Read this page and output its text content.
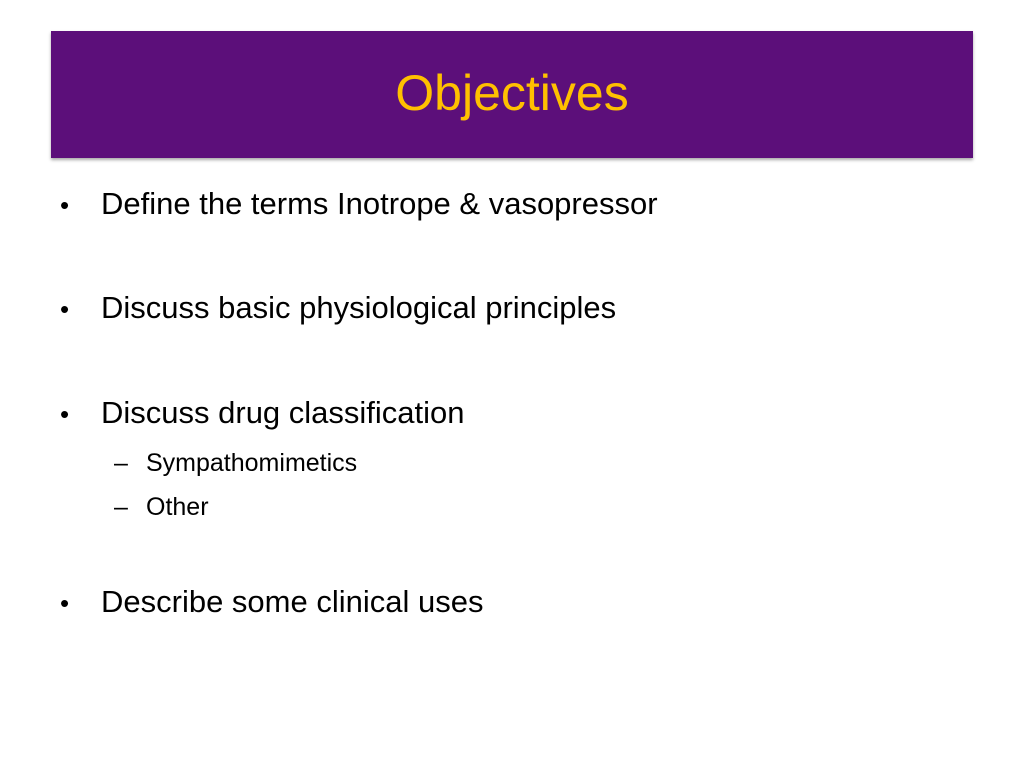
Objectives
•	Define the terms Inotrope & vasopressor
•	Discuss basic physiological principles
•	Discuss drug classification
– Sympathomimetics
– Other
•	Describe some clinical uses
